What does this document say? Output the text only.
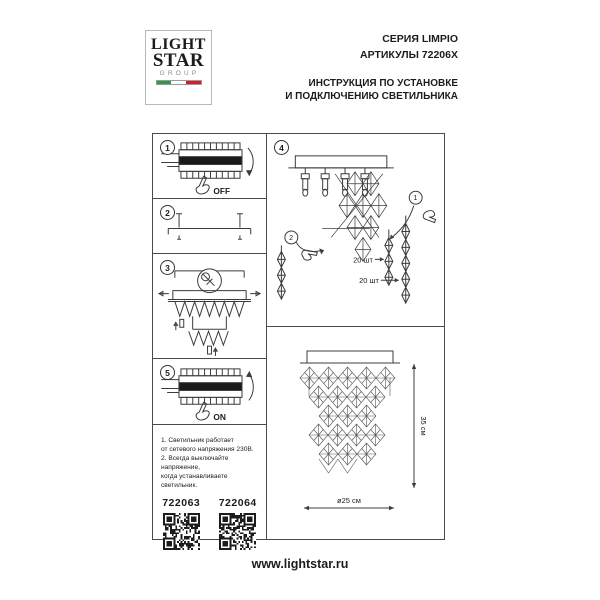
LIGHT
STAR
GROUP
СЕРИЯ LIMPIO
АРТИКУЛЫ 72206X
ИНСТРУКЦИЯ ПО УСТАНОВКЕ
И ПОДКЛЮЧЕНИЮ СВЕТИЛЬНИКА
1
OFF
2
3
5
ON
1. Светильник работает
от сетевого напряжения 230В.
2. Всегда выключайте напряжение,
когда устанавливаете светильник.
722063	722064
4
1
2
20 шт
20 шт
35 см
ø25 см
www.lightstar.ru
